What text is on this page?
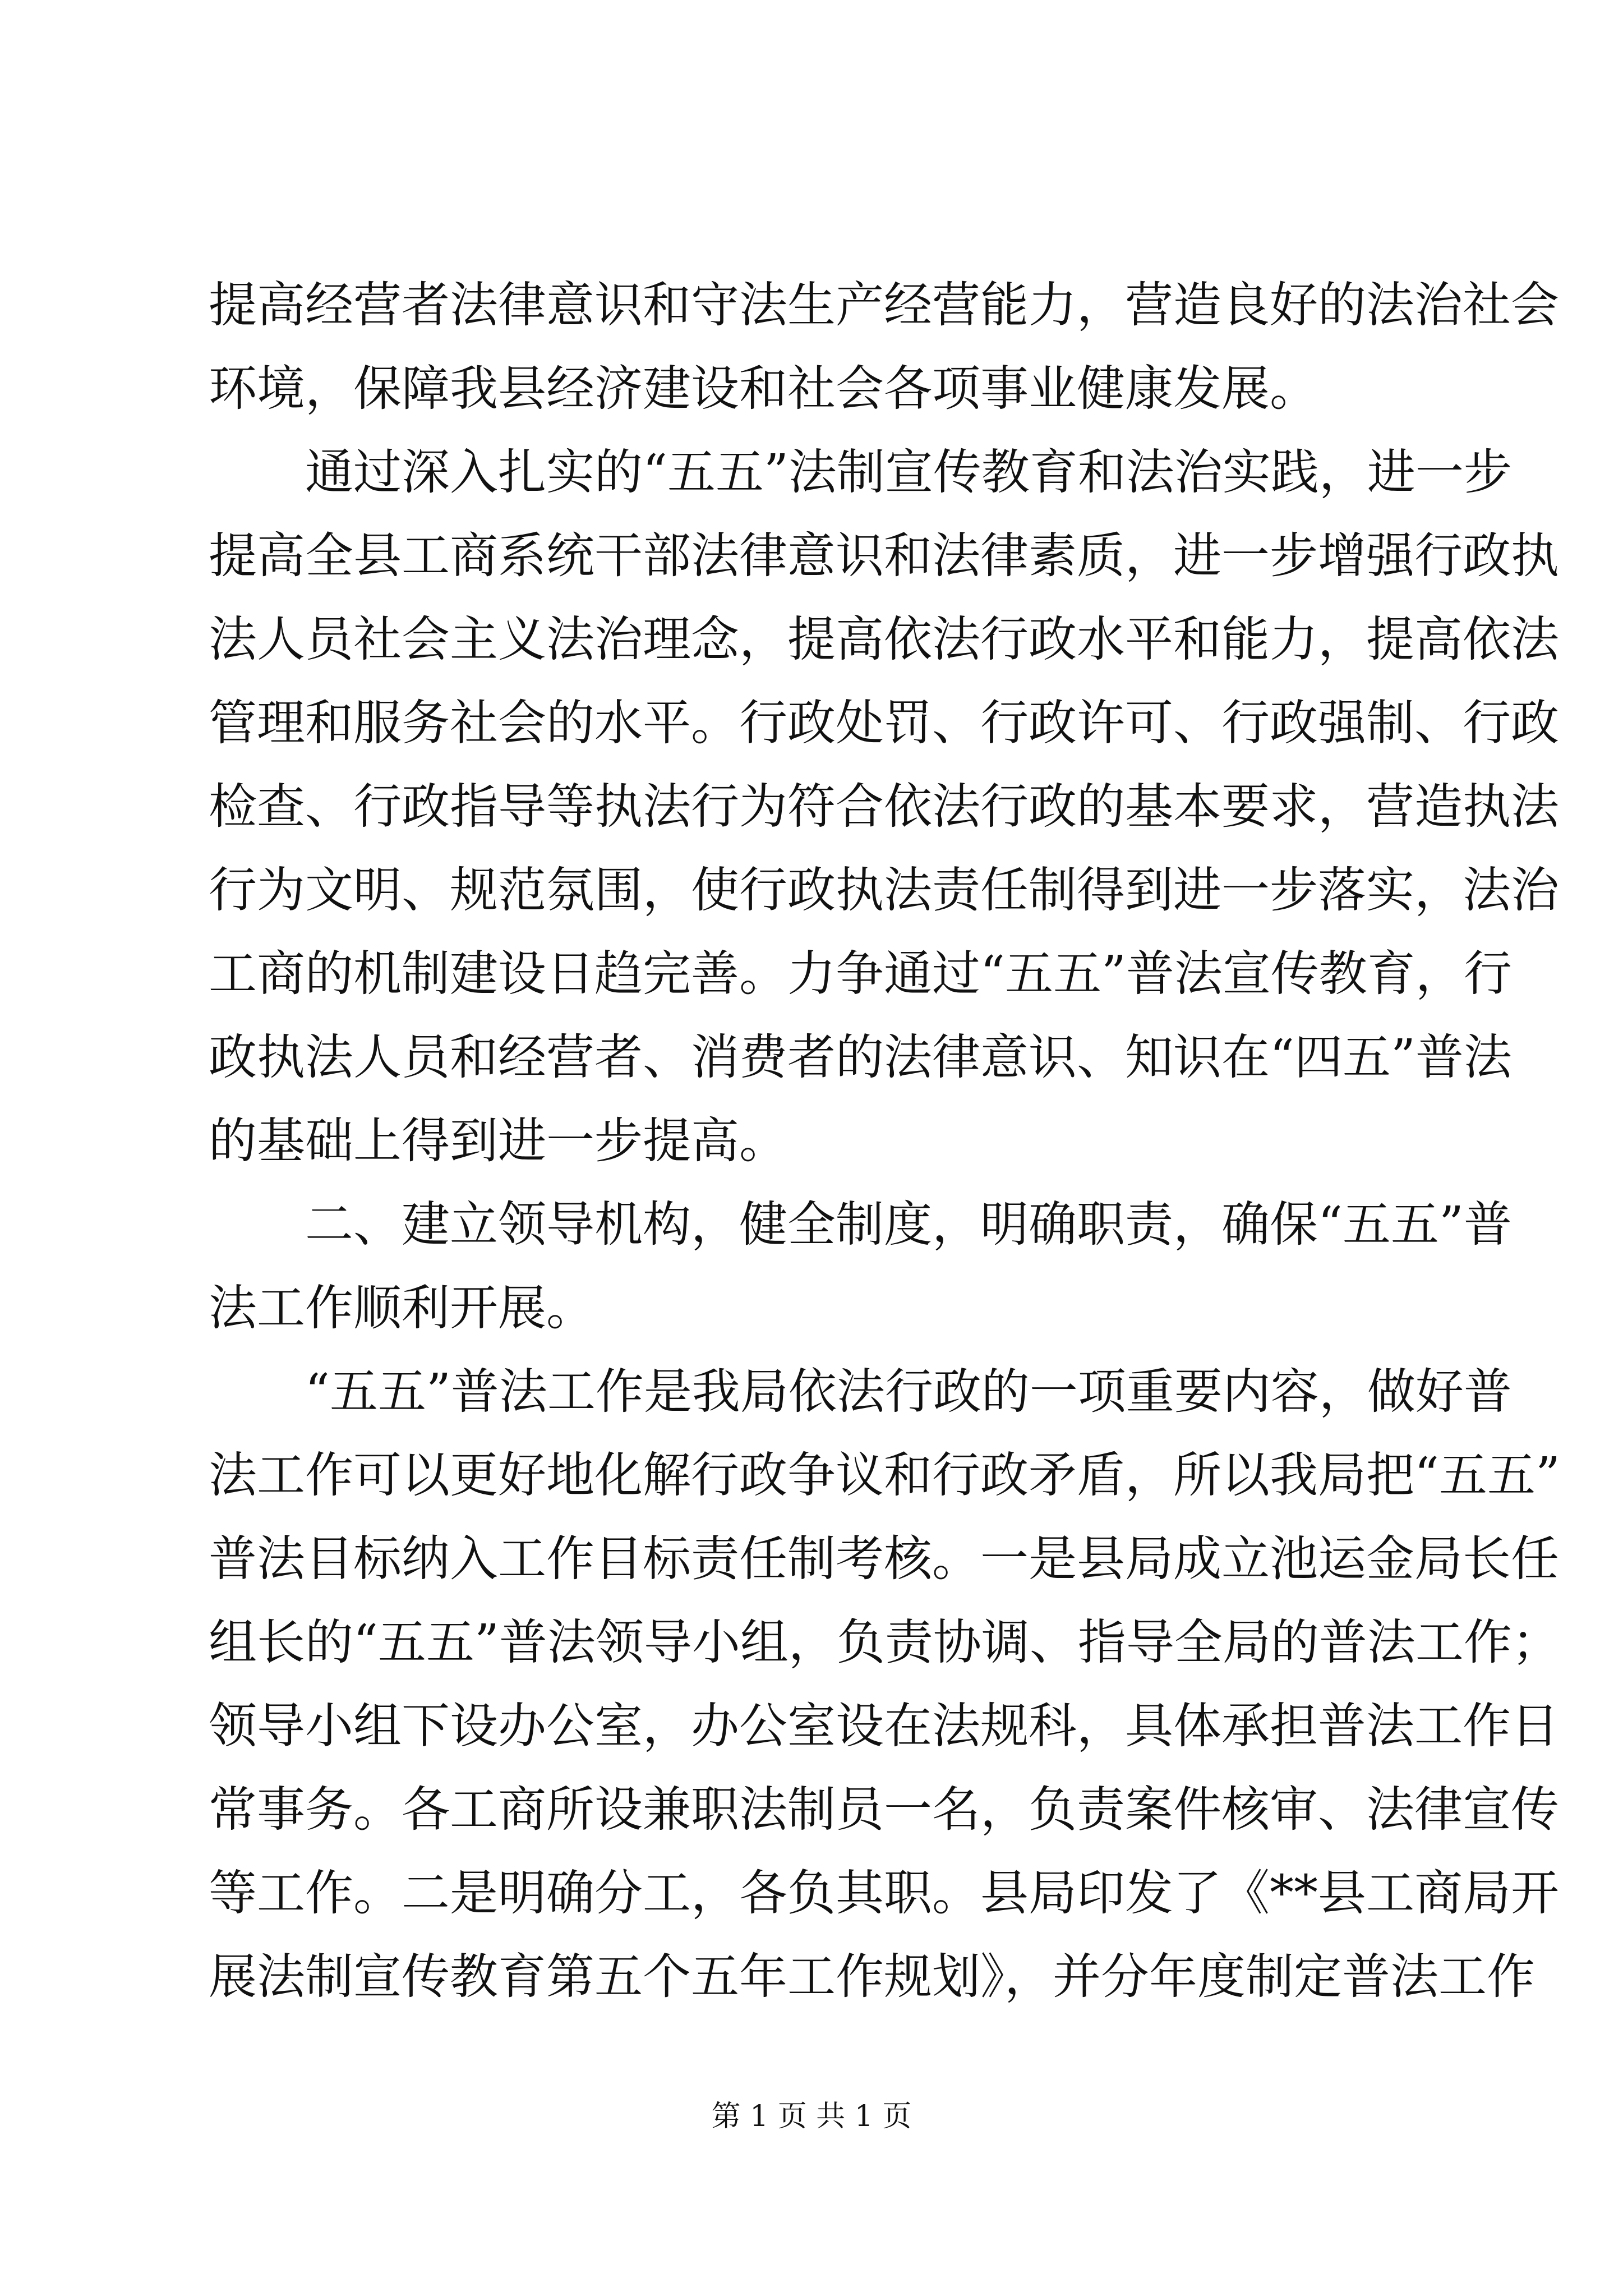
提高经营者法律意识和守法生产经营能力，营造良好的法治社会
环境，保障我县经济建设和社会各项事业健康发展。
通过深入扎实的“五五”法制宣传教育和法治实践，进一步
提高全县工商系统干部法律意识和法律素质，进一步增强行政执
法人员社会主义法治理念，提高依法行政水平和能力，提高依法
管理和服务社会的水平。行政处罚、行政许可、行政强制、行政
检查、行政指导等执法行为符合依法行政的基本要求，营造执法
行为文明、规范氛围，使行政执法责任制得到进一步落实，法治
工商的机制建设日趋完善。力争通过“五五”普法宣传教育，行
政执法人员和经营者、消费者的法律意识、知识在“四五”普法
的基础上得到进一步提高。
二、建立领导机构，健全制度，明确职责，确保“五五”普
法工作顺利开展。
“五五”普法工作是我局依法行政的一项重要内容，做好普
法工作可以更好地化解行政争议和行政矛盾，所以我局把“五五”
普法目标纳入工作目标责任制考核。一是县局成立池运金局长任
组长的“五五”普法领导小组，负责协调、指导全局的普法工作；
领导小组下设办公室，办公室设在法规科，具体承担普法工作日
常事务。各工商所设兼职法制员一名，负责案件核审、法律宣传
等工作。二是明确分工，各负其职。县局印发了《**县工商局开
展法制宣传教育第五个五年工作规划》，并分年度制定普法工作
第 1 页 共 1 页
